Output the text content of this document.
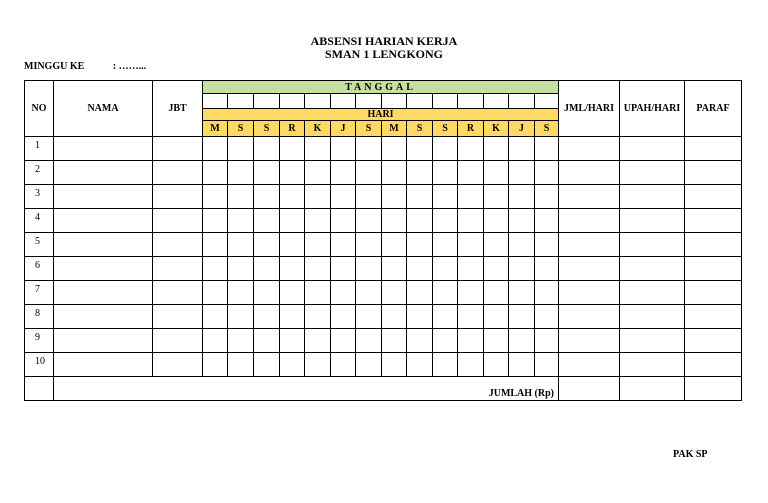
ABSENSI HARIAN KERJA
SMAN 1 LENGKONG
MINGGU KE	: ……...
NO	NAMA	JBT	TANGGAL														JML/HARI	UPAH/HARI	PARAF

			HARI																
			M	S	S	R	K	J	S	M	S	S	R	K	J	S			
1																			
2																			
3																			
4																			
5																			
6																			
7																			
8																			
9																			
10																			
	JUMLAH (Rp)																		
PAK SP
